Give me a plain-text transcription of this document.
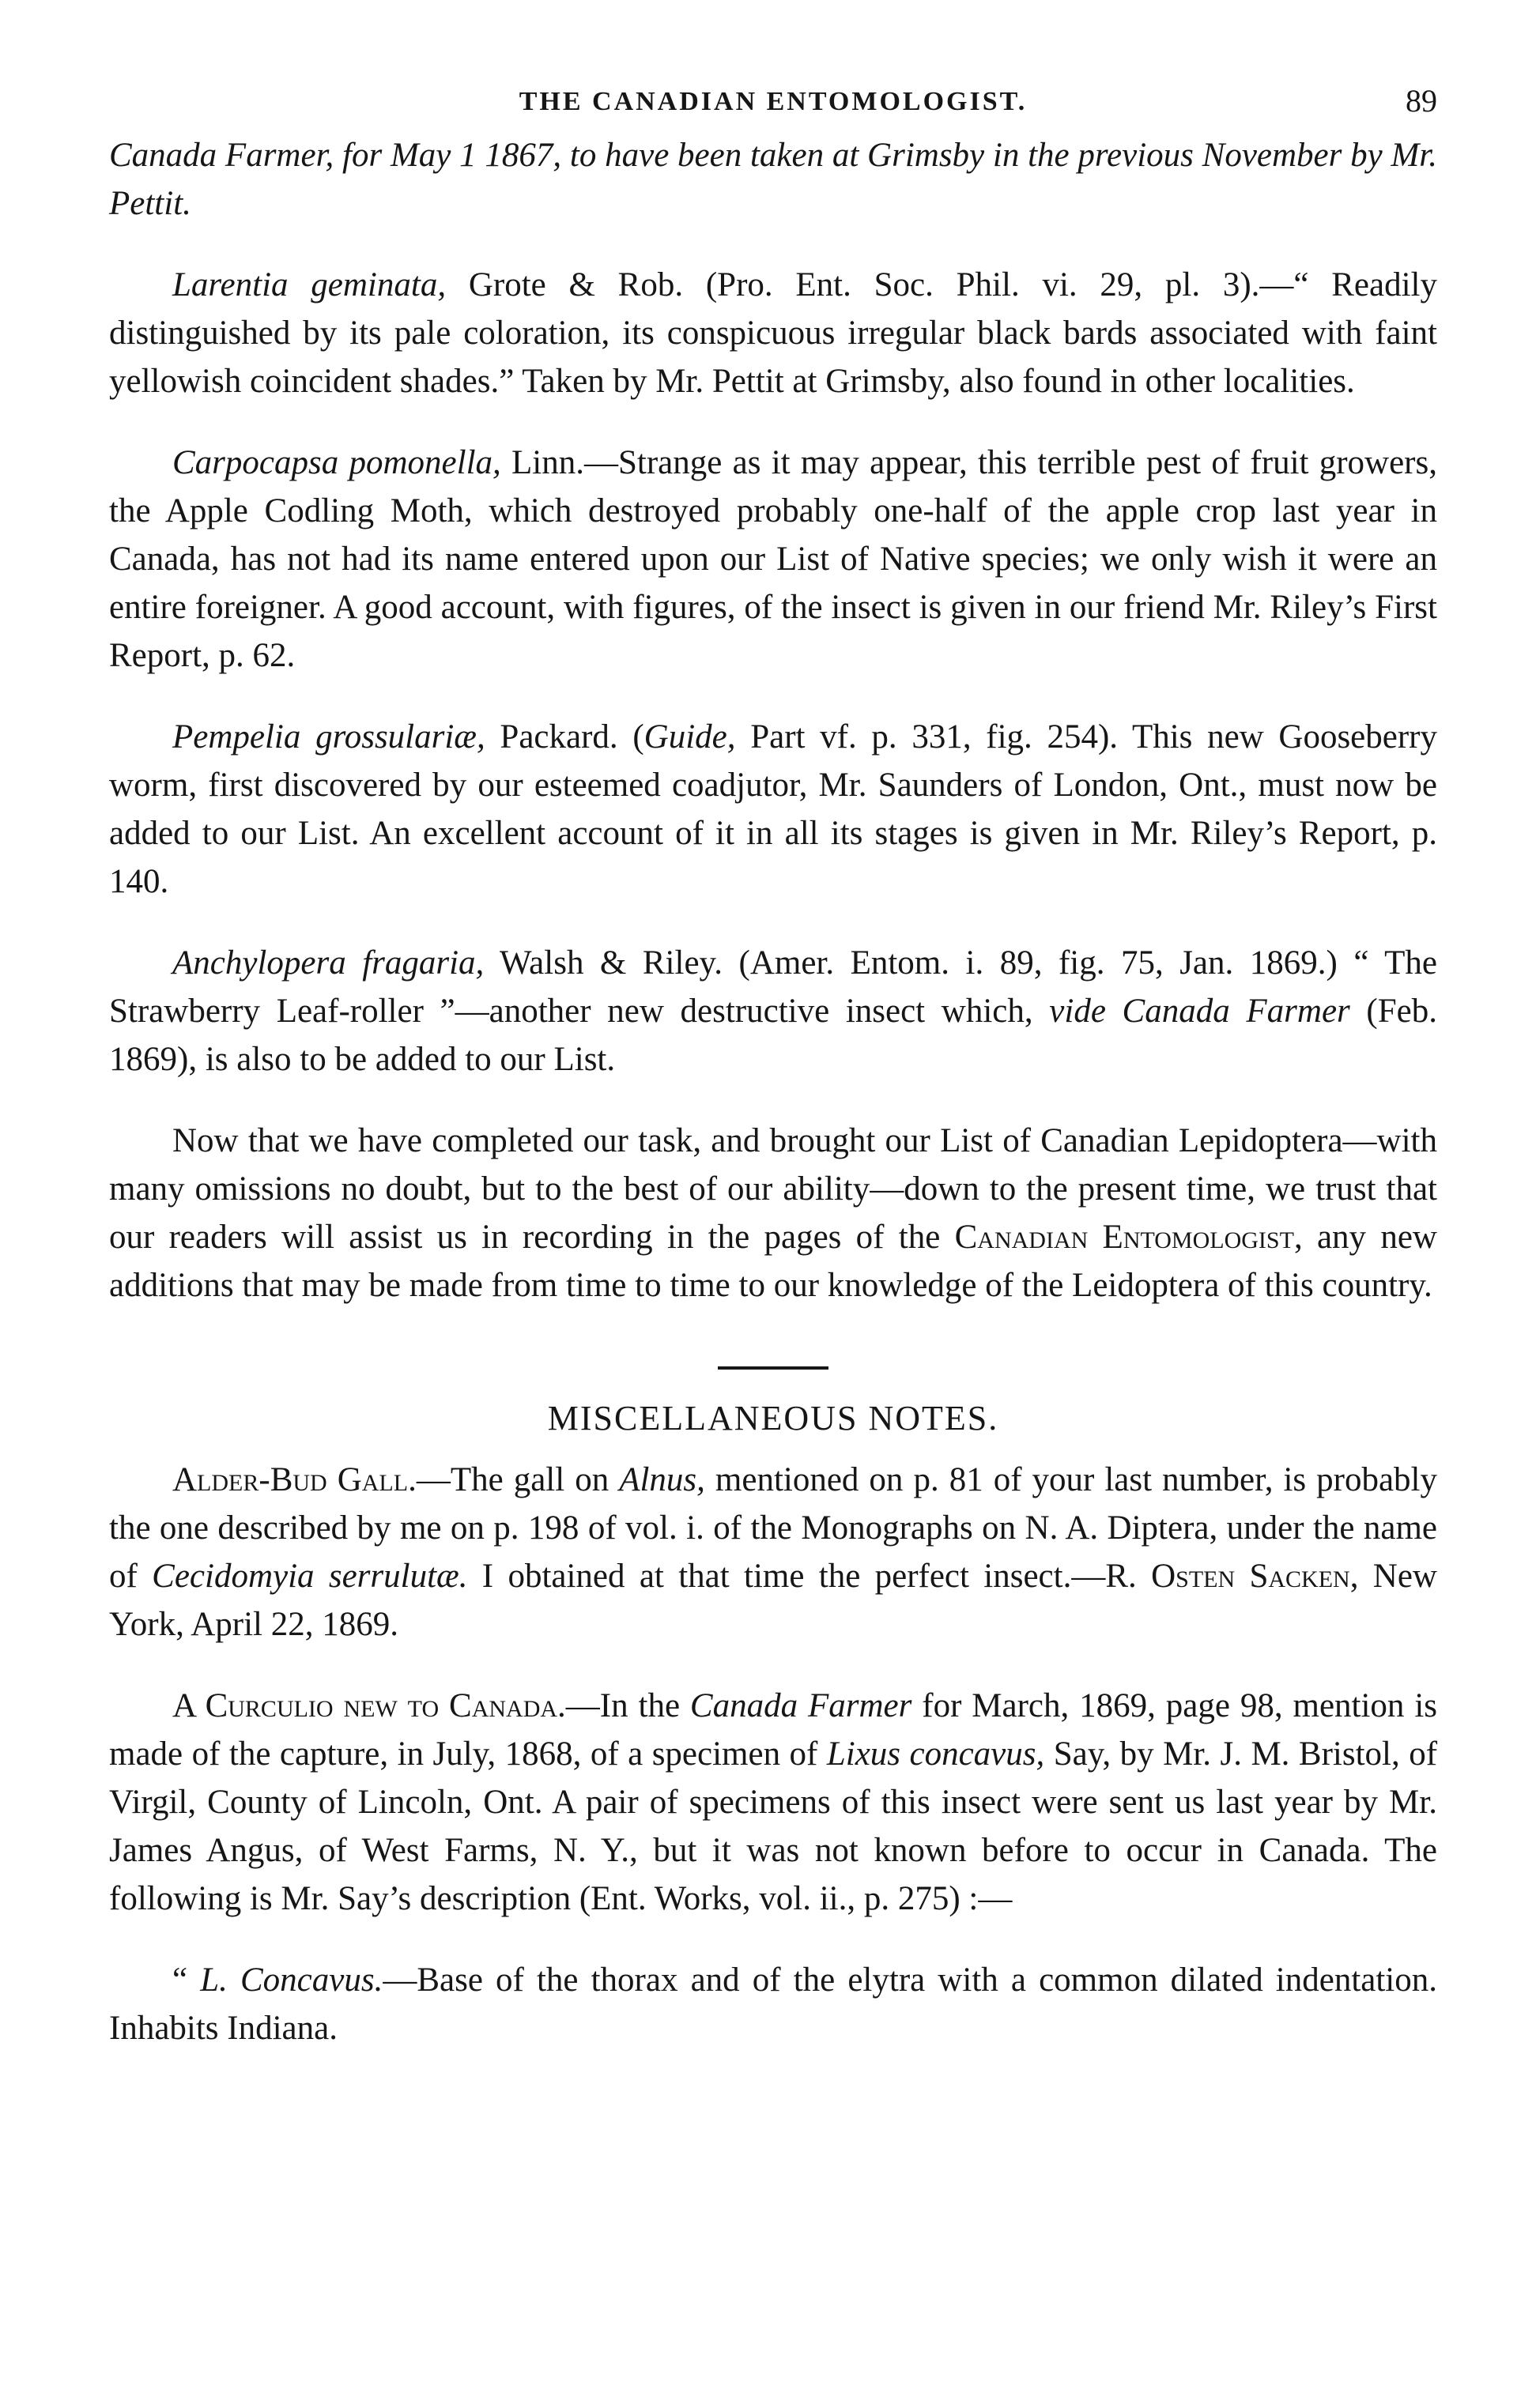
THE CANADIAN ENTOMOLOGIST.	89

Canada Farmer, for May 1 1867, to have been taken at Grimsby in the previous November by Mr. Pettit.

Larentia geminata, Grote & Rob. (Pro. Ent. Soc. Phil. vi. 29, pl. 3).—“ Readily distinguished by its pale coloration, its conspicuous irregular black bards associated with faint yellowish coincident shades.” Taken by Mr. Pettit at Grimsby, also found in other localities.

Carpocapsa pomonella, Linn.—Strange as it may appear, this terrible pest of fruit growers, the Apple Codling Moth, which destroyed probably one-half of the apple crop last year in Canada, has not had its name entered upon our List of Native species; we only wish it were an entire foreigner. A good account, with figures, of the insect is given in our friend Mr. Riley’s First Report, p. 62.

Pempelia grossulariæ, Packard. (Guide, Part vf. p. 331, fig. 254). This new Gooseberry worm, first discovered by our esteemed coadjutor, Mr. Saunders of London, Ont., must now be added to our List. An excellent account of it in all its stages is given in Mr. Riley’s Report, p. 140.

Anchylopera fragaria, Walsh & Riley. (Amer. Entom. i. 89, fig. 75, Jan. 1869.) “ The Strawberry Leaf-roller ”—another new destructive insect which, vide Canada Farmer (Feb. 1869), is also to be added to our List.

Now that we have completed our task, and brought our List of Canadian Lepidoptera—with many omissions no doubt, but to the best of our ability—down to the present time, we trust that our readers will assist us in recording in the pages of the Canadian Entomologist, any new additions that may be made from time to time to our knowledge of the Leidoptera of this country.

MISCELLANEOUS NOTES.

Alder-Bud Gall.—The gall on Alnus, mentioned on p. 81 of your last number, is probably the one described by me on p. 198 of vol. i. of the Monographs on N. A. Diptera, under the name of Cecidomyia serrulutæ. I obtained at that time the perfect insect.—R. Osten Sacken, New York, April 22, 1869.

A Curculio new to Canada.—In the Canada Farmer for March, 1869, page 98, mention is made of the capture, in July, 1868, of a specimen of Lixus concavus, Say, by Mr. J. M. Bristol, of Virgil, County of Lincoln, Ont. A pair of specimens of this insect were sent us last year by Mr. James Angus, of West Farms, N. Y., but it was not known before to occur in Canada. The following is Mr. Say’s description (Ent. Works, vol. ii., p. 275) :—

“ L. Concavus.—Base of the thorax and of the elytra with a common dilated indentation. Inhabits Indiana.
